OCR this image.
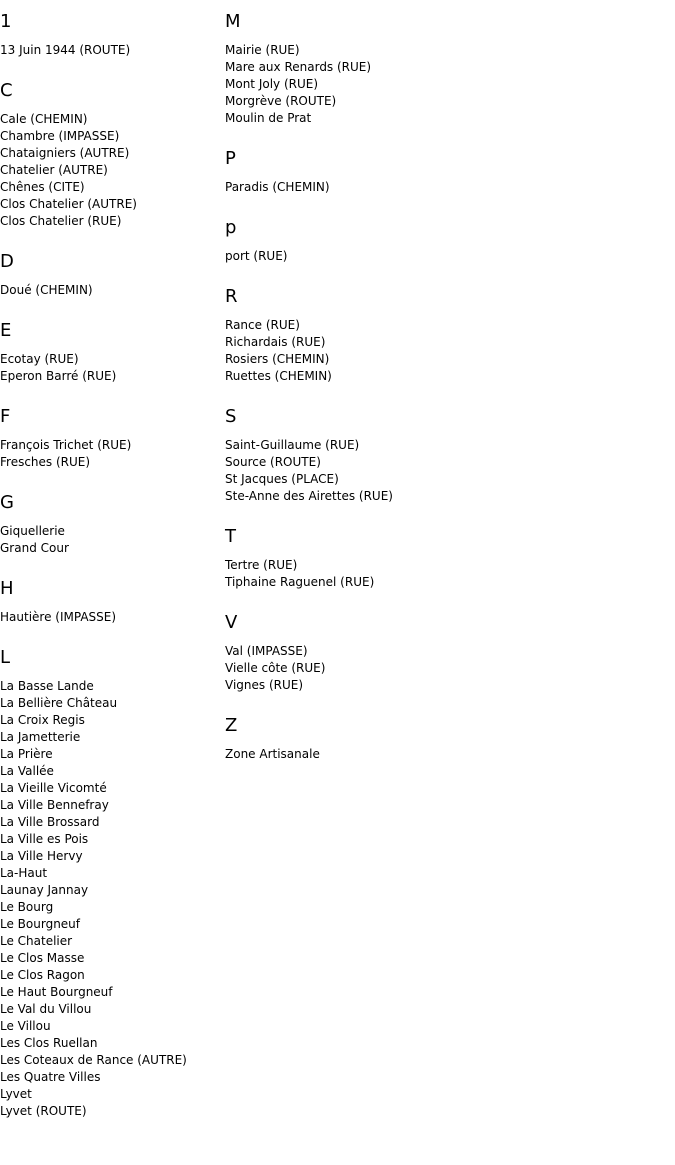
1
13 Juin 1944 (ROUTE)
C
Cale (CHEMIN)
Chambre (IMPASSE)
Chataigniers (AUTRE)
Chatelier (AUTRE)
Chênes (CITE)
Clos Chatelier (AUTRE)
Clos Chatelier (RUE)
D
Doué (CHEMIN)
E
Ecotay (RUE)
Eperon Barré (RUE)
F
François Trichet (RUE)
Fresches (RUE)
G
Giquellerie
Grand Cour
H
Hautière (IMPASSE)
L
La Basse Lande
La Bellière Château
La Croix Regis
La Jametterie
La Prière
La Vallée
La Vieille Vicomté
La Ville Bennefray
La Ville Brossard
La Ville es Pois
La Ville Hervy
La-Haut
Launay Jannay
Le Bourg
Le Bourgneuf
Le Chatelier
Le Clos Masse
Le Clos Ragon
Le Haut Bourgneuf
Le Val du Villou
Le Villou
Les Clos Ruellan
Les Coteaux de Rance (AUTRE)
Les Quatre Villes
Lyvet
Lyvet (ROUTE)
M
Mairie (RUE)
Mare aux Renards (RUE)
Mont Joly (RUE)
Morgrève (ROUTE)
Moulin de Prat
P
Paradis (CHEMIN)
p
port (RUE)
R
Rance (RUE)
Richardais (RUE)
Rosiers (CHEMIN)
Ruettes (CHEMIN)
S
Saint-Guillaume (RUE)
Source (ROUTE)
St Jacques (PLACE)
Ste-Anne des Airettes (RUE)
T
Tertre (RUE)
Tiphaine Raguenel (RUE)
V
Val (IMPASSE)
Vielle côte (RUE)
Vignes (RUE)
Z
Zone Artisanale
